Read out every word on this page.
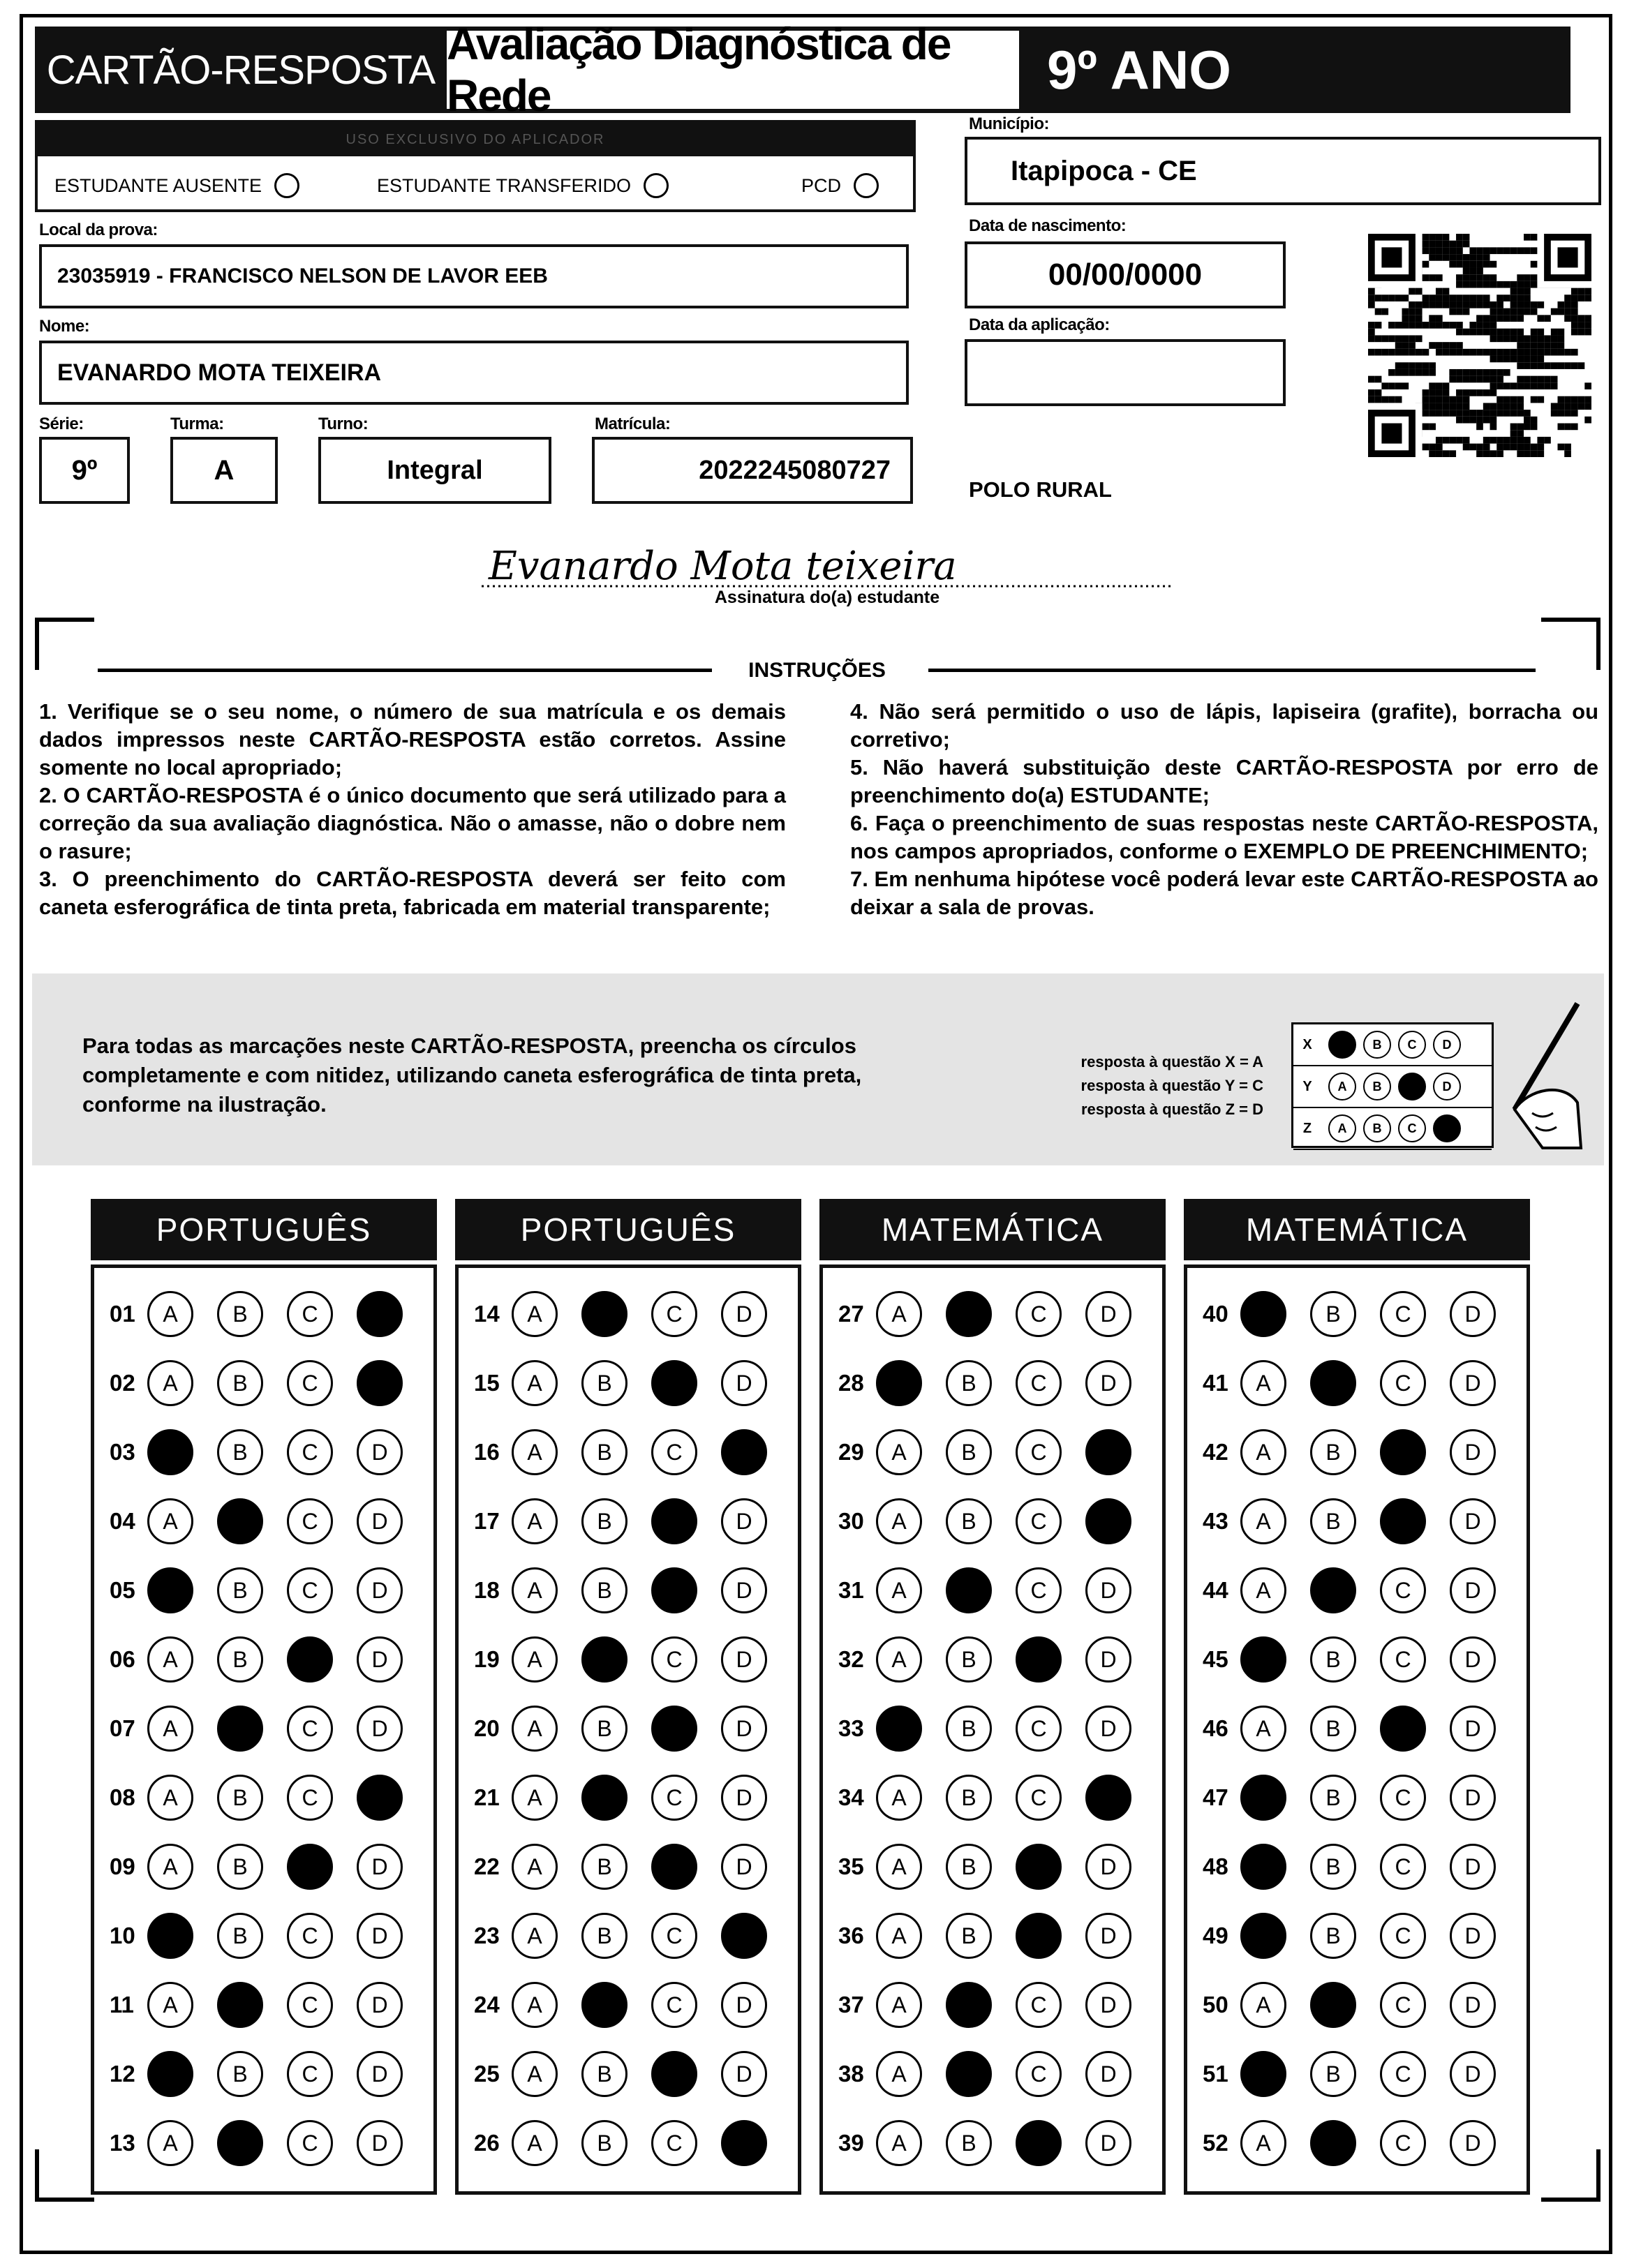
CARTÃO-RESPOSTA
Avaliação Diagnóstica de Rede	9º ANO
USO EXCLUSIVO DO APLICADOR
ESTUDANTE AUSENTE	ESTUDANTE TRANSFERIDO	PCD
Local da prova:
23035919 - FRANCISCO NELSON DE LAVOR EEB
Nome:
EVANARDO MOTA TEIXEIRA
Série:
9º
Turma:
A
Turno:
Integral
Matrícula:
2022245080727
Município:
Itapipoca - CE
Data de nascimento:
00/00/0000
Data da aplicação:
POLO RURAL
Evanardo Mota teixeira
Assinatura do(a) estudante
INSTRUÇÕES

1. Verifique se o seu nome, o número de sua matrícula e os demais dados impressos neste CARTÃO-RESPOSTA estão corretos. Assine somente no local apropriado;

2. O CARTÃO-RESPOSTA é o único documento que será utilizado para a correção da sua avaliação diagnóstica. Não o amasse, não o dobre nem o rasure;

3. O preenchimento do CARTÃO-RESPOSTA deverá ser feito com caneta esferográfica de tinta preta, fabricada em material transparente;

4. Não será permitido o uso de lápis, lapiseira (grafite), borracha ou corretivo;

5. Não haverá substituição deste CARTÃO-RESPOSTA por erro de preenchimento do(a) ESTUDANTE;

6. Faça o preenchimento de suas respostas neste CARTÃO-RESPOSTA, nos campos apropriados, conforme o EXEMPLO DE PREENCHIMENTO;

7. Em nenhuma hipótese você poderá levar este CARTÃO-RESPOSTA ao deixar a sala de provas.

Para todas as marcações neste CARTÃO-RESPOSTA, preencha os círculos completamente e com nitidez, utilizando caneta esferográfica de tinta preta, conforme na ilustração.
resposta à questão X = A
resposta à questão Y = C
resposta à questão Z = D
X	A	B	C	D
Y	A	B	C	D
Z	A	B	C	D
PORTUGUÊS
01	A	B	C	D
02	A	B	C	D
03	A	B	C	D
04	A	B	C	D
05	A	B	C	D
06	A	B	C	D
07	A	B	C	D
08	A	B	C	D
09	A	B	C	D
10	A	B	C	D
11	A	B	C	D
12	A	B	C	D
13	A	B	C	D
PORTUGUÊS
14	A	B	C	D
15	A	B	C	D
16	A	B	C	D
17	A	B	C	D
18	A	B	C	D
19	A	B	C	D
20	A	B	C	D
21	A	B	C	D
22	A	B	C	D
23	A	B	C	D
24	A	B	C	D
25	A	B	C	D
26	A	B	C	D
MATEMÁTICA
27	A	B	C	D
28	A	B	C	D
29	A	B	C	D
30	A	B	C	D
31	A	B	C	D
32	A	B	C	D
33	A	B	C	D
34	A	B	C	D
35	A	B	C	D
36	A	B	C	D
37	A	B	C	D
38	A	B	C	D
39	A	B	C	D
MATEMÁTICA
40	A	B	C	D
41	A	B	C	D
42	A	B	C	D
43	A	B	C	D
44	A	B	C	D
45	A	B	C	D
46	A	B	C	D
47	A	B	C	D
48	A	B	C	D
49	A	B	C	D
50	A	B	C	D
51	A	B	C	D
52	A	B	C	D
